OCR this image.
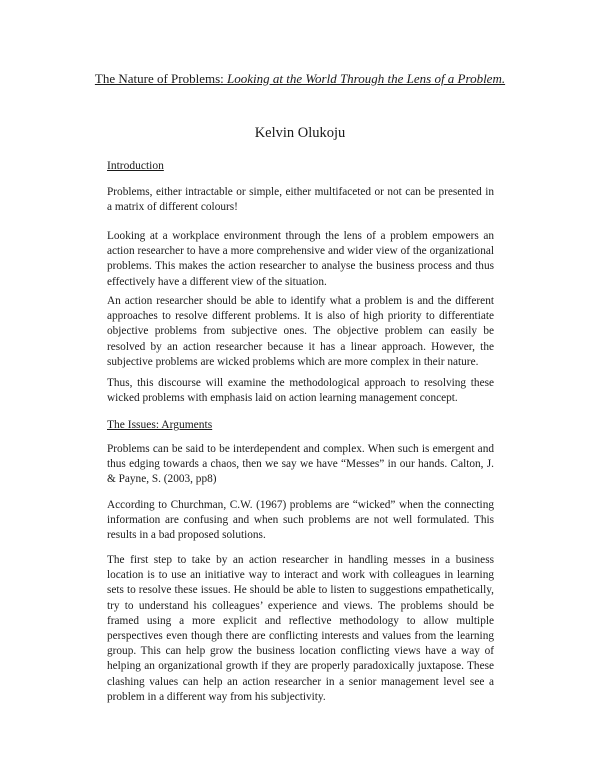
The Nature of Problems: Looking at the World Through the Lens of a Problem.
Kelvin Olukoju
Introduction

Problems, either intractable or simple, either multifaceted or not can be presented in a matrix of different colours!

Looking at a workplace environment through the lens of a problem empowers an action researcher to have a more comprehensive and wider view of the organizational problems. This makes the action researcher to analyse the business process and thus effectively have a different view of the situation.

An action researcher should be able to identify what a problem is and the different approaches to resolve different problems. It is also of high priority to differentiate objective problems from subjective ones. The objective problem can easily be resolved by an action researcher because it has a linear approach. However, the subjective problems are wicked problems which are more complex in their nature.

Thus, this discourse will examine the methodological approach to resolving these wicked problems with emphasis laid on action learning management concept.

The Issues: Arguments

Problems can be said to be interdependent and complex. When such is emergent and thus edging towards a chaos, then we say we have “Messes” in our hands. Calton, J. & Payne, S. (2003, pp8)

According to Churchman, C.W. (1967) problems are “wicked” when the connecting information are confusing and when such problems are not well formulated. This results in a bad proposed solutions.

The first step to take by an action researcher in handling messes in a business location is to use an initiative way to interact and work with colleagues in learning sets to resolve these issues. He should be able to listen to suggestions empathetically, try to understand his colleagues’ experience and views. The problems should be framed using a more explicit and reflective methodology to allow multiple perspectives even though there are conflicting interests and values from the learning group. This can help grow the business location conflicting views have a way of helping an organizational growth if they are properly paradoxically juxtapose. These clashing values can help an action researcher in a senior management level see a problem in a different way from his subjectivity.
